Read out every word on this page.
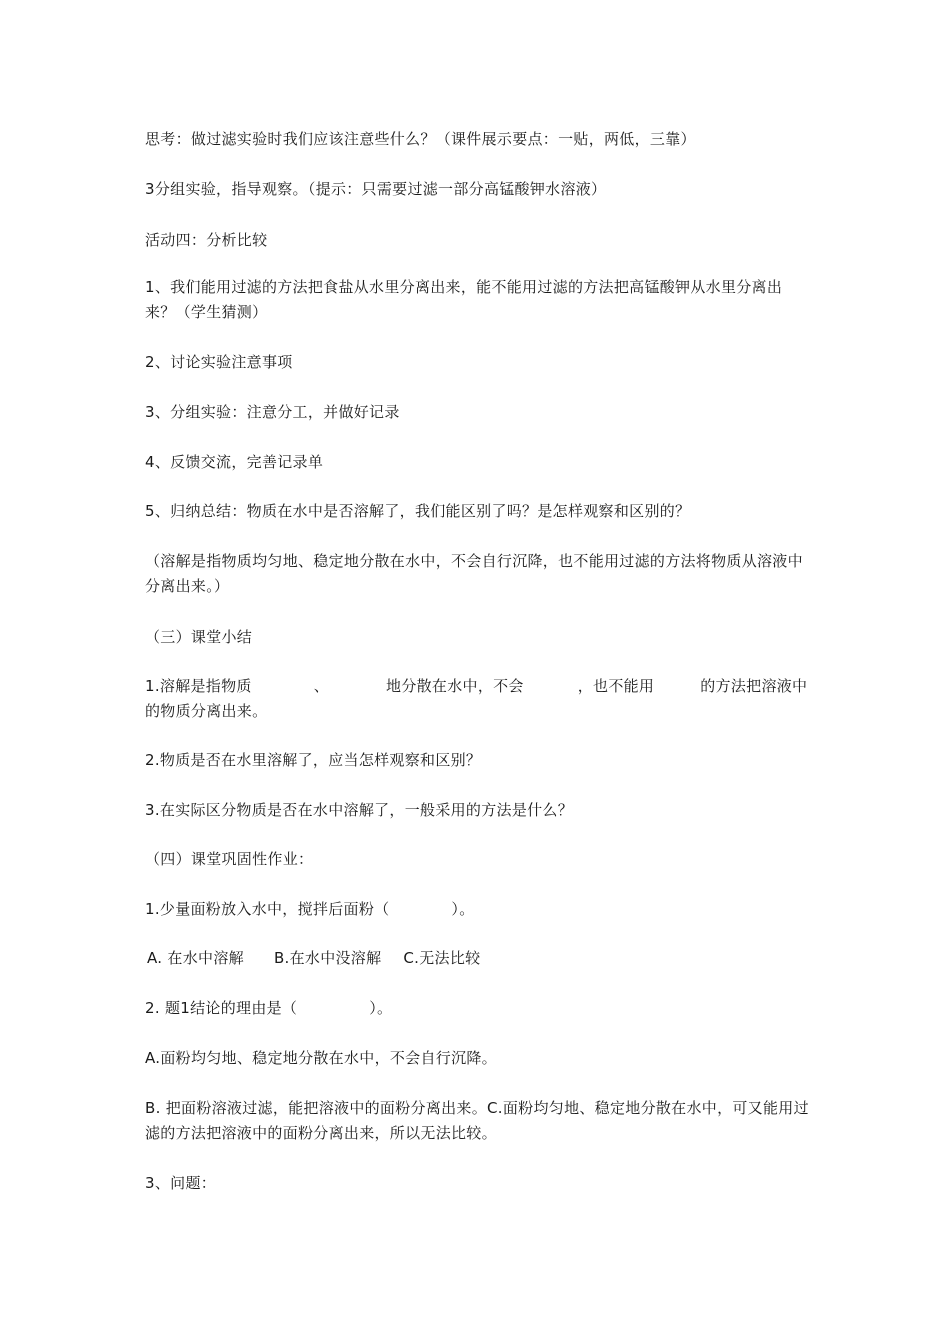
思考：做过滤实验时我们应该注意些什么？（课件展示要点：一贴，两低，三靠）
3分组实验，指导观察。（提示：只需要过滤一部分高锰酸钾水溶液）
活动四：分析比较
1、我们能用过滤的方法把食盐从水里分离出来，能不能用过滤的方法把高锰酸钾从水里分离出来？（学生猜测）
2、讨论实验注意事项
3、分组实验：注意分工，并做好记录
4、反馈交流，完善记录单
5、归纳总结：物质在水中是否溶解了，我们能区别了吗？是怎样观察和区别的？
（溶解是指物质均匀地、稳定地分散在水中，不会自行沉降，也不能用过滤的方法将物质从溶液中分离出来。）
（三）课堂小结
1.溶解是指物质	、	地分散在水中，不会	，也不能用	的方法把溶液中的物质分离出来。
2.物质是否在水里溶解了，应当怎样观察和区别？
3.在实际区分物质是否在水中溶解了，一般采用的方法是什么？
（四）课堂巩固性作业：
1.少量面粉放入水中，搅拌后面粉（	）。
A. 在水中溶解 B.在水中没溶解 C.无法比较
2. 题1结论的理由是（	）。
A.面粉均匀地、稳定地分散在水中，不会自行沉降。
B. 把面粉溶液过滤，能把溶液中的面粉分离出来。C.面粉均匀地、稳定地分散在水中，可又能用过滤的方法把溶液中的面粉分离出来，所以无法比较。
3、问题：
